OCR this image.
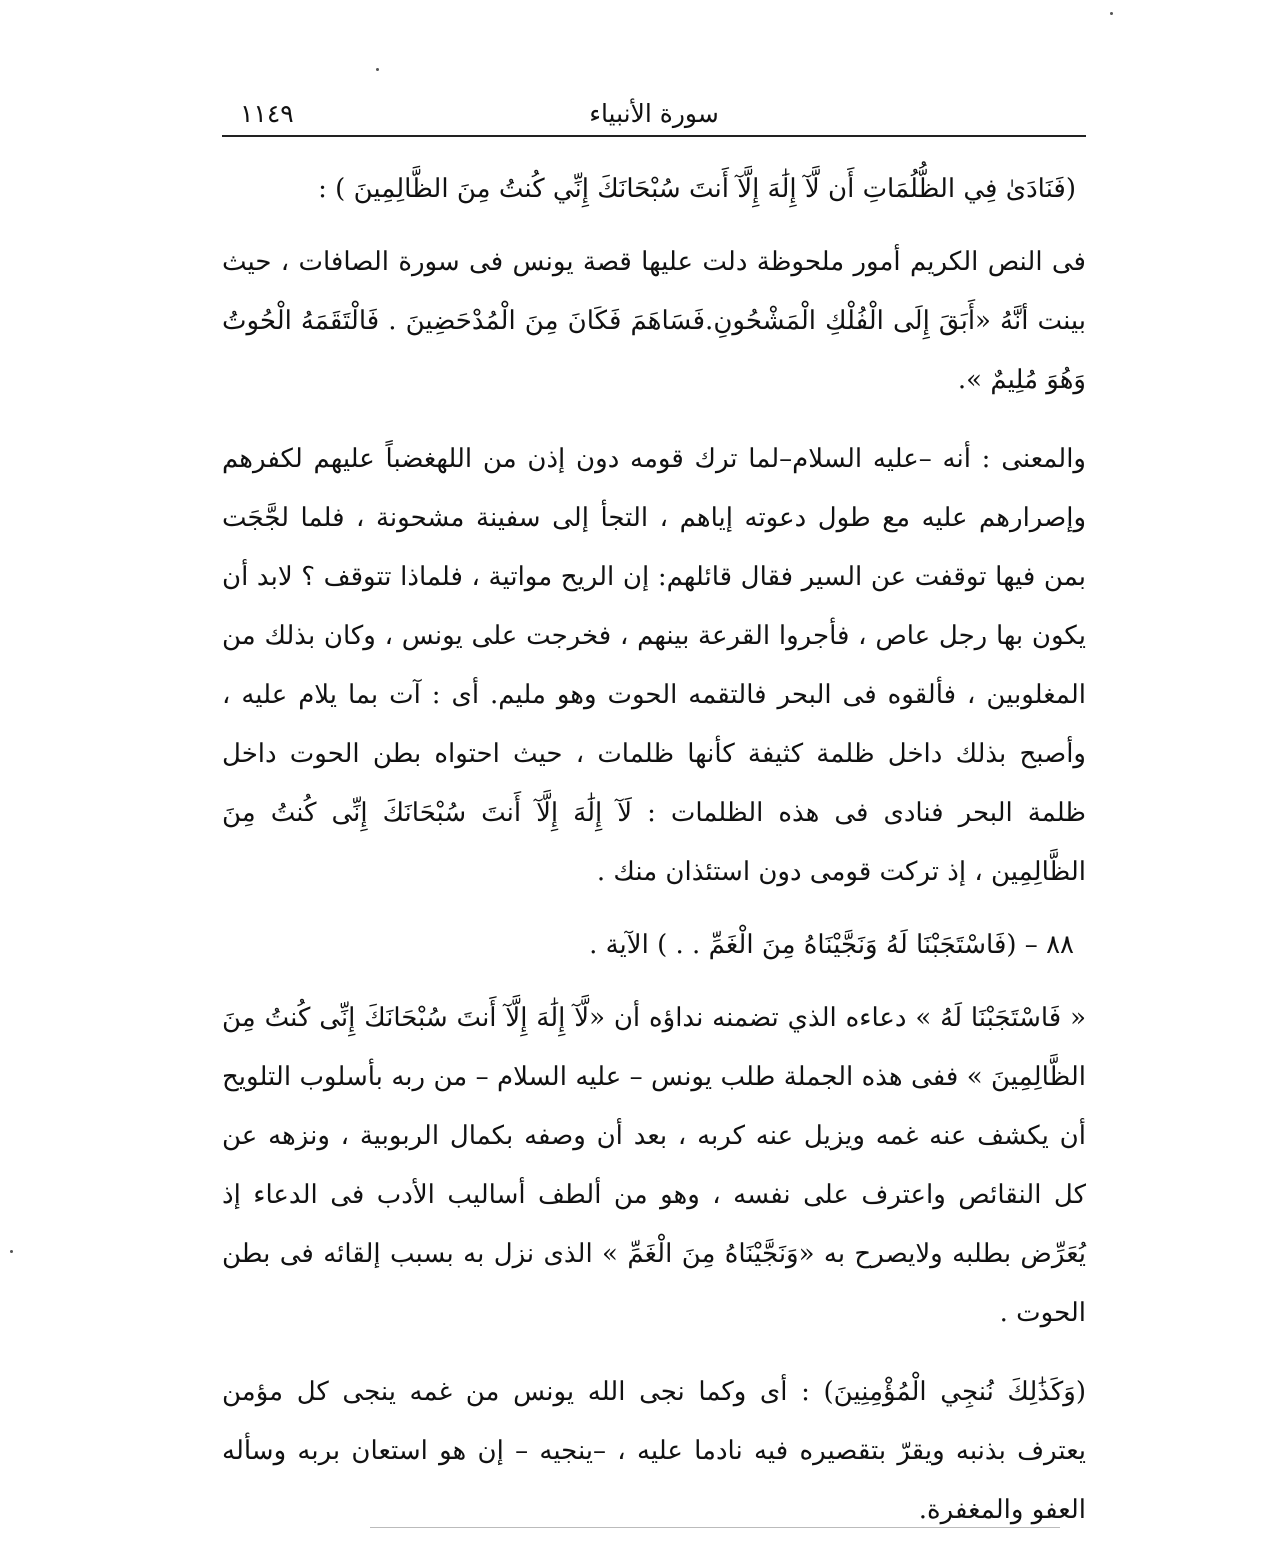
سورة الأنبياء
١١٤٩

(فَنَادَىٰ فِي الظُّلُمَاتِ أَن لَّآ إِلَٰهَ إِلَّآ أَنتَ سُبْحَانَكَ إِنِّي كُنتُ مِنَ الظَّالِمِينَ ) :

فى النص الكريم أمور ملحوظة دلت عليها قصة يونس فى سورة الصافات ، حيث بينت أنَّهُ «أَبَقَ إِلَى الْفُلْكِ الْمَشْحُونِ.فَسَاهَمَ فَكَانَ مِنَ الْمُدْحَضِينَ . فَالْتَقَمَهُ الْحُوتُ وَهُوَ مُلِيمٌ ».

والمعنى : أنه –عليه السلام–لما ترك قومه دون إذن من اللهغضباً عليهم لكفرهم وإصرارهم عليه مع طول دعوته إياهم ، التجأ إلى سفينة مشحونة ، فلما لجَّجَت بمن فيها توقفت عن السير فقال قائلهم: إن الريح مواتية ، فلماذا تتوقف ؟ لابد أن يكون بها رجل عاص ، فأجروا القرعة بينهم ، فخرجت على يونس ، وكان بذلك من المغلوبين ، فألقوه فى البحر فالتقمه الحوت وهو مليم. أى : آت بما يلام عليه ، وأصبح بذلك داخل ظلمة كثيفة كأنها ظلمات ، حيث احتواه بطن الحوت داخل ظلمة البحر فنادى فى هذه الظلمات : لَآ إِلَٰهَ إِلَّآ أَنتَ سُبْحَانَكَ إِنِّى كُنتُ مِنَ الظَّالِمِين ، إذ تركت قومى دون استئذان منك .

٨٨ – (فَاسْتَجَبْنَا لَهُ وَنَجَّيْنَاهُ مِنَ الْغَمِّ . . ) الآية .

« فَاسْتَجَبْنَا لَهُ » دعاءه الذي تضمنه نداؤه أن «لَّآ إِلَٰهَ إِلَّآ أَنتَ سُبْحَانَكَ إِنِّى كُنتُ مِنَ الظَّالِمِينَ » ففى هذه الجملة طلب يونس – عليه السلام – من ربه بأسلوب التلويح أن يكشف عنه غمه ويزيل عنه كربه ، بعد أن وصفه بكمال الربوبية ، ونزهه عن كل النقائص واعترف على نفسه ، وهو من ألطف أساليب الأدب فى الدعاء إذ يُعَرِّض بطلبه ولايصرح به «وَنَجَّيْنَاهُ مِنَ الْغَمِّ » الذى نزل به بسبب إلقائه فى بطن الحوت .

(وَكَذَٰلِكَ نُنجِي الْمُؤْمِنِينَ) : أى وكما نجى الله يونس من غمه ينجى كل مؤمن يعترف بذنبه ويقرّ بتقصيره فيه نادما عليه ، –ينجيه – إن هو استعان بربه وسأله العفو والمغفرة.
